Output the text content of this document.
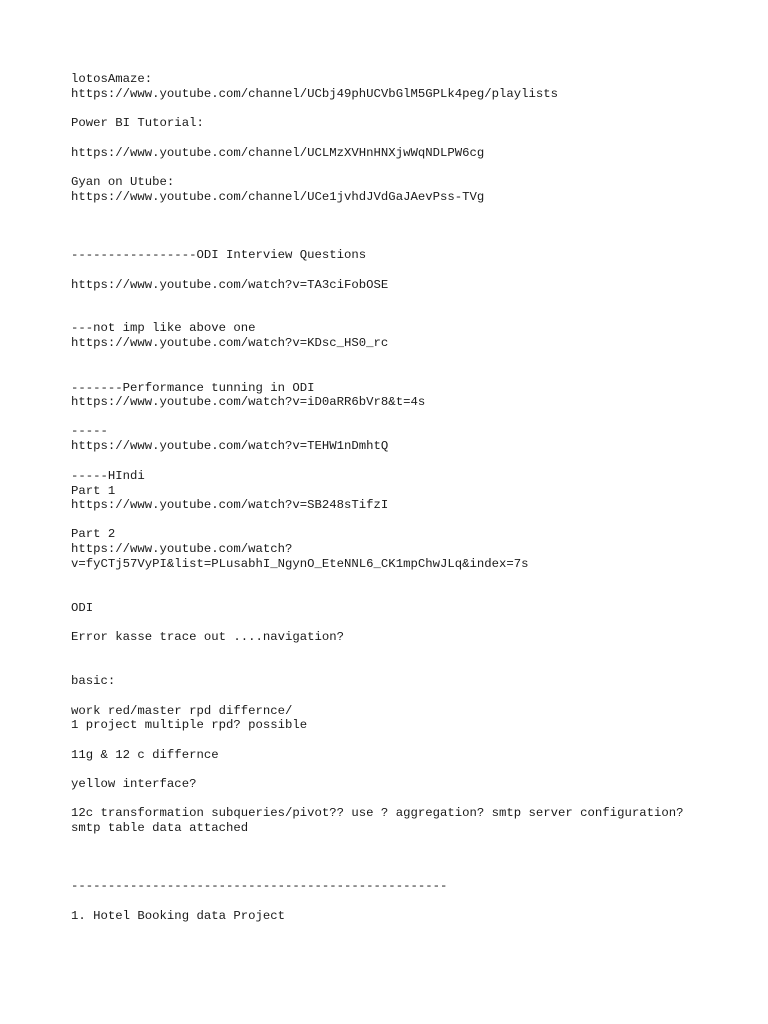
lotosAmaze:

https://www.youtube.com/channel/UCbj49phUCVbGlM5GPLk4peg/playlists

Power BI Tutorial:

https://www.youtube.com/channel/UCLMzXVHnHNXjwWqNDLPW6cg

Gyan on Utube:

https://www.youtube.com/channel/UCe1jvhdJVdGaJAevPss-TVg

-----------------ODI Interview Questions

https://www.youtube.com/watch?v=TA3ciFobOSE

---not imp like above one

https://www.youtube.com/watch?v=KDsc_HS0_rc

-------Performance tunning in ODI

https://www.youtube.com/watch?v=iD0aRR6bVr8&t=4s

-----

https://www.youtube.com/watch?v=TEHW1nDmhtQ

-----HIndi

Part 1

https://www.youtube.com/watch?v=SB248sTifzI

Part 2

https://www.youtube.com/watch?

v=fyCTj57VyPI&list=PLusabhI_NgynO_EteNNL6_CK1mpChwJLq&index=7s

ODI

Error kasse trace out ....navigation?

basic:

work red/master rpd differnce/

1 project multiple rpd? possible

11g & 12 c differnce

yellow interface?

12c transformation subqueries/pivot?? use ? aggregation? smtp server configuration?

smtp table data attached

---------------------------------------------------

1. Hotel Booking data Project
